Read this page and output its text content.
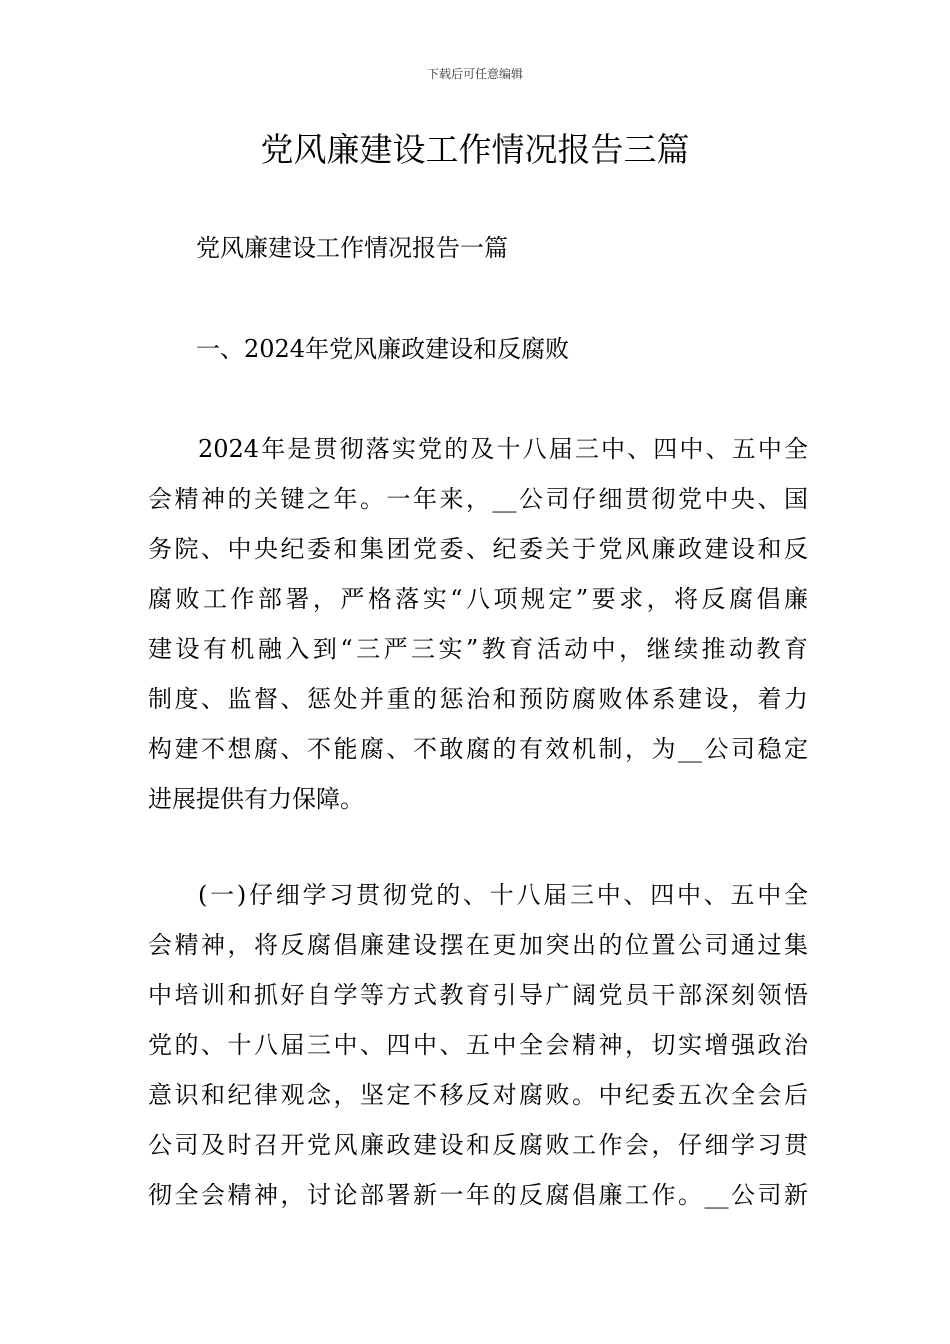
下载后可任意编辑
党风廉建设工作情况报告三篇

党风廉建设工作情况报告一篇

一、2024年党风廉政建设和反腐败

2024年是贯彻落实党的及十八届三中、四中、五中全
会精神的关键之年。一年来，__公司仔细贯彻党中央、国
务院、中央纪委和集团党委、纪委关于党风廉政建设和反
腐败工作部署，严格落实“八项规定”要求，将反腐倡廉
建设有机融入到“三严三实”教育活动中，继续推动教育
制度、监督、惩处并重的惩治和预防腐败体系建设，着力
构建不想腐、不能腐、不敢腐的有效机制，为__公司稳定
进展提供有力保障。
(一)仔细学习贯彻党的、十八届三中、四中、五中全
会精神，将反腐倡廉建设摆在更加突出的位置公司通过集
中培训和抓好自学等方式教育引导广阔党员干部深刻领悟
党的、十八届三中、四中、五中全会精神，切实增强政治
意识和纪律观念，坚定不移反对腐败。中纪委五次全会后
公司及时召开党风廉政建设和反腐败工作会，仔细学习贯
彻全会精神，讨论部署新一年的反腐倡廉工作。__公司新
